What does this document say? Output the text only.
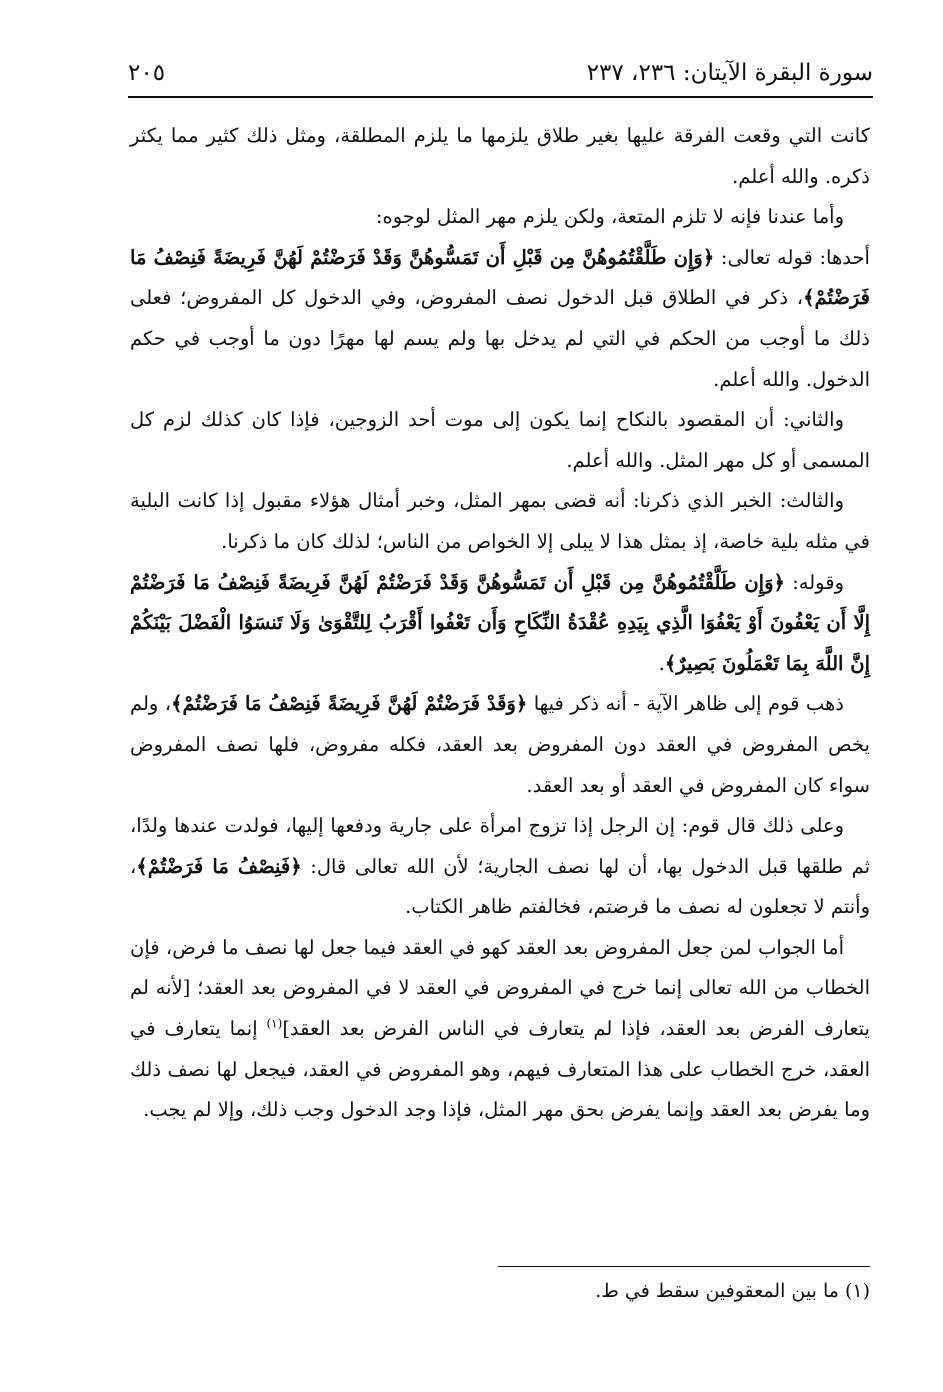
سورة البقرة الآيتان: ٢٣٦، ٢٣٧
٢٠٥

كانت التي وقعت الفرقة عليها بغير طلاق يلزمها ما يلزم المطلقة، ومثل ذلك كثير مما يكثر ذكره. والله أعلم.

وأما عندنا فإنه لا تلزم المتعة، ولكن يلزم مهر المثل لوجوه:

أحدها: قوله تعالى: ﴿وَإِن طَلَّقْتُمُوهُنَّ مِن قَبْلِ أَن تَمَسُّوهُنَّ وَقَدْ فَرَضْتُمْ لَهُنَّ فَرِيضَةً فَنِصْفُ مَا فَرَضْتُمْ﴾، ذكر في الطلاق قبل الدخول نصف المفروض، وفي الدخول كل المفروض؛ فعلى ذلك ما أوجب من الحكم في التي لم يدخل بها ولم يسم لها مهرًا دون ما أوجب في حكم الدخول. والله أعلم.

والثاني: أن المقصود بالنكاح إنما يكون إلى موت أحد الزوجين، فإذا كان كذلك لزم كل المسمى أو كل مهر المثل. والله أعلم.

والثالث: الخبر الذي ذكرنا: أنه قضى بمهر المثل، وخبر أمثال هؤلاء مقبول إذا كانت البلية في مثله بلية خاصة، إذ بمثل هذا لا يبلى إلا الخواص من الناس؛ لذلك كان ما ذكرنا.

وقوله: ﴿وَإِن طَلَّقْتُمُوهُنَّ مِن قَبْلِ أَن تَمَسُّوهُنَّ وَقَدْ فَرَضْتُمْ لَهُنَّ فَرِيضَةً فَنِصْفُ مَا فَرَضْتُمْ إِلَّا أَن يَعْفُونَ أَوْ يَعْفُوَا الَّذِي بِيَدِهِ عُقْدَةُ النِّكَاحِ وَأَن تَعْفُوا أَقْرَبُ لِلتَّقْوَىٰ وَلَا تَنسَوُا الْفَضْلَ بَيْنَكُمْ إِنَّ اللَّهَ بِمَا تَعْمَلُونَ بَصِيرٌ﴾.

ذهب قوم إلى ظاهر الآية - أنه ذكر فيها ﴿وَقَدْ فَرَضْتُمْ لَهُنَّ فَرِيضَةً فَنِصْفُ مَا فَرَضْتُمْ﴾، ولم يخص المفروض في العقد دون المفروض بعد العقد، فكله مفروض، فلها نصف المفروض سواء كان المفروض في العقد أو بعد العقد.

وعلى ذلك قال قوم: إن الرجل إذا تزوج امرأة على جارية ودفعها إليها، فولدت عندها ولدًا، ثم طلقها قبل الدخول بها، أن لها نصف الجارية؛ لأن الله تعالى قال: ﴿فَنِصْفُ مَا فَرَضْتُمْ﴾، وأنتم لا تجعلون له نصف ما فرضتم، فخالفتم ظاهر الكتاب.

أما الجواب لمن جعل المفروض بعد العقد كهو في العقد فيما جعل لها نصف ما فرض، فإن الخطاب من الله تعالى إنما خرج في المفروض في العقد لا في المفروض بعد العقد؛ [لأنه لم يتعارف الفرض بعد العقد، فإذا لم يتعارف في الناس الفرض بعد العقد]$^{(١)}$ إنما يتعارف في العقد، خرج الخطاب على هذا المتعارف فيهم، وهو المفروض في العقد، فيجعل لها نصف ذلك وما يفرض بعد العقد وإنما يفرض بحق مهر المثل، فإذا وجد الدخول وجب ذلك، وإلا لم يجب.

(١) ما بين المعقوفين سقط في ط.
